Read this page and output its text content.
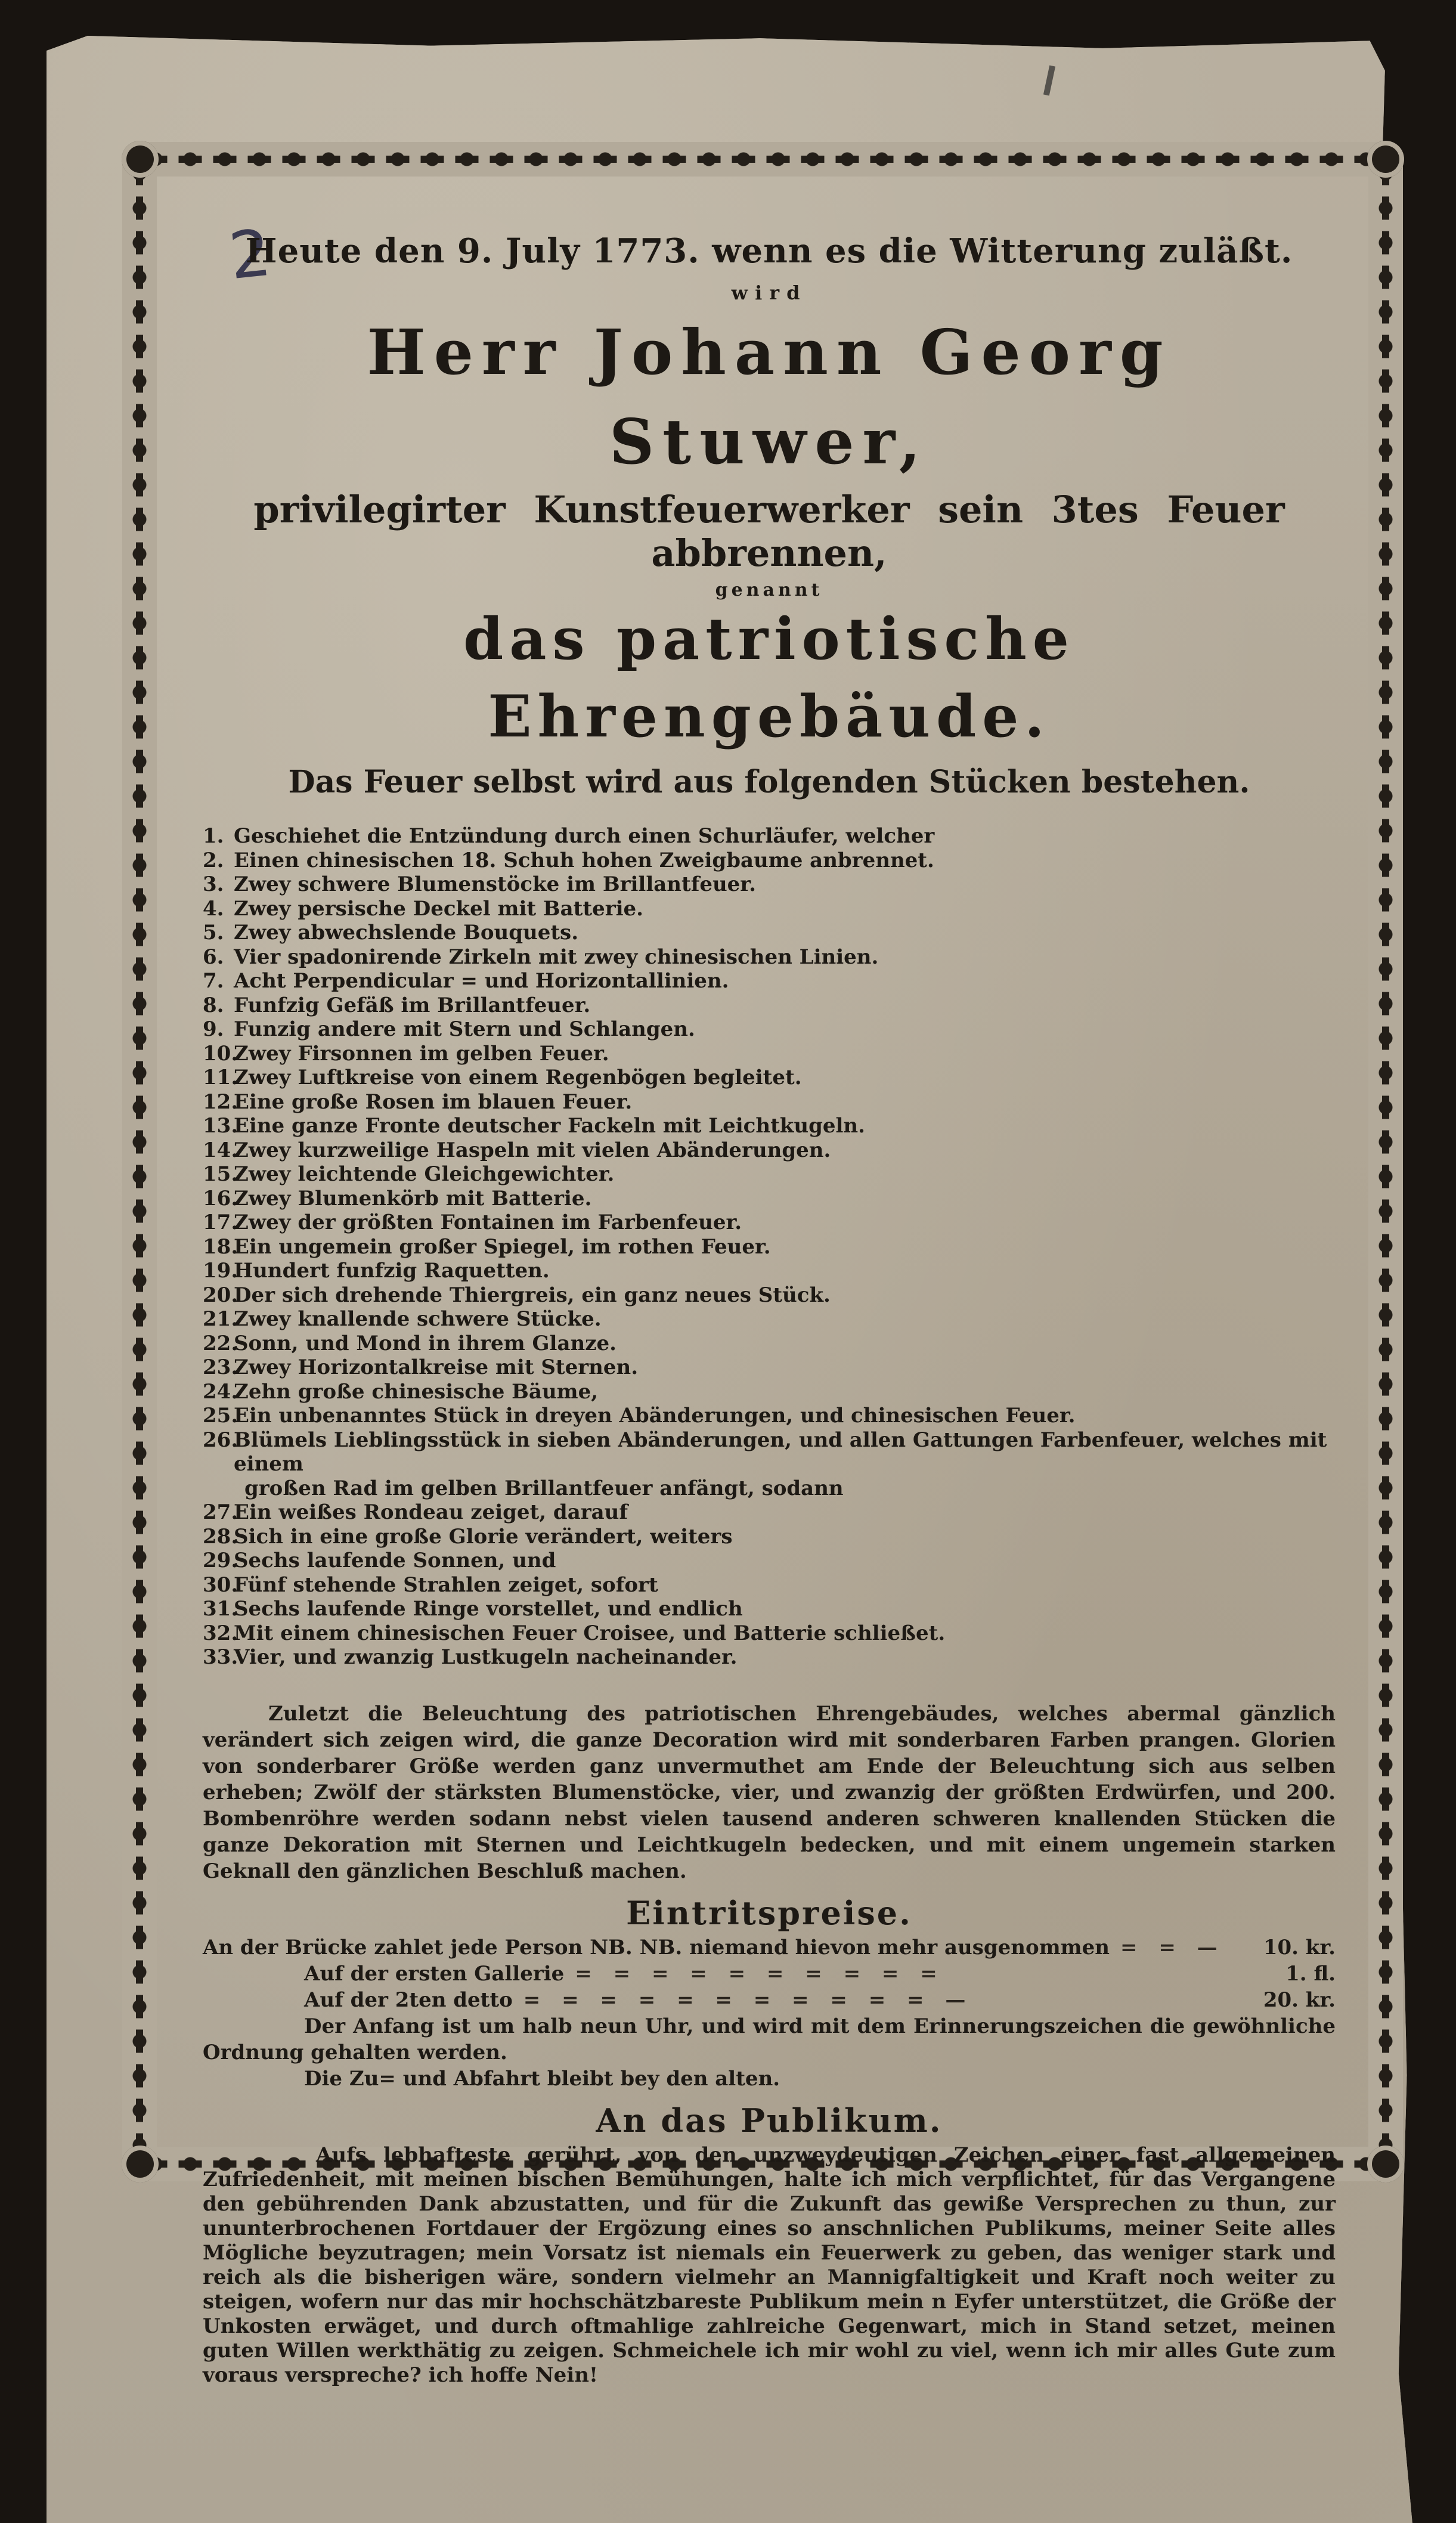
2

Heute den 9. July 1773. wenn es die Witterung zuläßt.

wird

Herr Johann Georg Stuwer,

privilegirter Kunstfeuerwerker sein 3tes Feuer abbrennen,

genannt

das patriotische Ehrengebäude.

Das Feuer selbst wird aus folgenden Stücken bestehen.

1. Geschiehet die Entzündung durch einen Schurläufer, welcher
2. Einen chinesischen 18. Schuh hohen Zweigbaume anbrennet.
3. Zwey schwere Blumenstöcke im Brillantfeuer.
4. Zwey persische Deckel mit Batterie.
5. Zwey abwechslende Bouquets.
6. Vier spadonirende Zirkeln mit zwey chinesischen Linien.
7. Acht Perpendicular = und Horizontallinien.
8. Funfzig Gefäß im Brillantfeuer.
9. Funzig andere mit Stern und Schlangen.
10.
Zwey Firsonnen im gelben Feuer.
11.
Zwey Luftkreise von einem Regenbögen begleitet.
12.
Eine große Rosen im blauen Feuer.
13.
Eine ganze Fronte deutscher Fackeln mit Leichtkugeln.
14.
Zwey kurzweilige Haspeln mit vielen Abänderungen.
15.
Zwey leichtende Gleichgewichter.
16.
Zwey Blumenkörb mit Batterie.
17.
Zwey der größten Fontainen im Farbenfeuer.
18.
Ein ungemein großer Spiegel, im rothen Feuer.
19.
Hundert funfzig Raquetten.
20.
Der sich drehende Thiergreis, ein ganz neues Stück.
21.
Zwey knallende schwere Stücke.
22.
Sonn, und Mond in ihrem Glanze.
23.
Zwey Horizontalkreise mit Sternen.
24.
Zehn große chinesische Bäume,
25.
Ein unbenanntes Stück in dreyen Abänderungen, und chinesischen Feuer.
26.
Blümels Lieblingsstück in sieben Abänderungen, und allen Gattungen Farbenfeuer, welches mit einem
großen Rad im gelben Brillantfeuer anfängt, sodann
27.
Ein weißes Rondeau zeiget, darauf
28.
Sich in eine große Glorie verändert, weiters
29.
Sechs laufende Sonnen, und
30.
Fünf stehende Strahlen zeiget, sofort
31.
Sechs laufende Ringe vorstellet, und endlich
32.
Mit einem chinesischen Feuer Croisee, und Batterie schließet.
33.
Vier, und zwanzig Lustkugeln nacheinander.

Zuletzt die Beleuchtung des patriotischen Ehrengebäudes, welches abermal gänzlich verändert sich zeigen wird, die ganze Decoration wird mit sonderbaren Farben prangen. Glorien von sonderbarer Größe werden ganz unvermuthet am Ende der Beleuchtung sich aus selben erheben; Zwölf der stärksten Blumenstöcke, vier, und zwanzig der größten Erdwürfen, und 200. Bombenröhre werden sodann nebst vielen tausend anderen schweren knallenden Stücken die ganze Dekoration mit Sternen und Leichtkugeln bedecken, und mit einem ungemein starken Geknall den gänzlichen Beschluß machen.

Eintritspreise.

An der Brücke zahlet jede Person NB. NB. niemand hievon mehr ausgenommen = = —	10. kr.
Auf der ersten Gallerie = = = = = = = = = =	1. fl.
Auf der 2ten detto = = = = = = = = = = = —	20. kr.

Der Anfang ist um halb neun Uhr, und wird mit dem Erinnerungszeichen die gewöhnliche Ordnung gehalten werden.

Die Zu= und Abfahrt bleibt bey den alten.

An das Publikum.

Aufs lebhafteste gerührt, von den unzweydeutigen Zeichen einer fast allgemeinen Zufriedenheit, mit meinen bischen Bemühungen, halte ich mich verpflichtet, für das Vergangene den gebührenden Dank abzustatten, und für die Zukunft das gewiße Versprechen zu thun, zur ununterbrochenen Fortdauer der Ergözung eines so anschnlichen Publikums, meiner Seite alles Mögliche beyzutragen; mein Vorsatz ist niemals ein Feuerwerk zu geben, das weniger stark und reich als die bisherigen wäre, sondern vielmehr an Mannigfaltigkeit und Kraft noch weiter zu steigen, wofern nur das mir hochschätzbareste Publikum mein n Eyfer unterstützet, die Größe der Unkosten erwäget, und durch oftmahlige zahlreiche Gegenwart, mich in Stand setzet, meinen guten Willen werkthätig zu zeigen. Schmeichele ich mir wohl zu viel, wenn ich mir alles Gute zum voraus verspreche? ich hoffe Nein!
